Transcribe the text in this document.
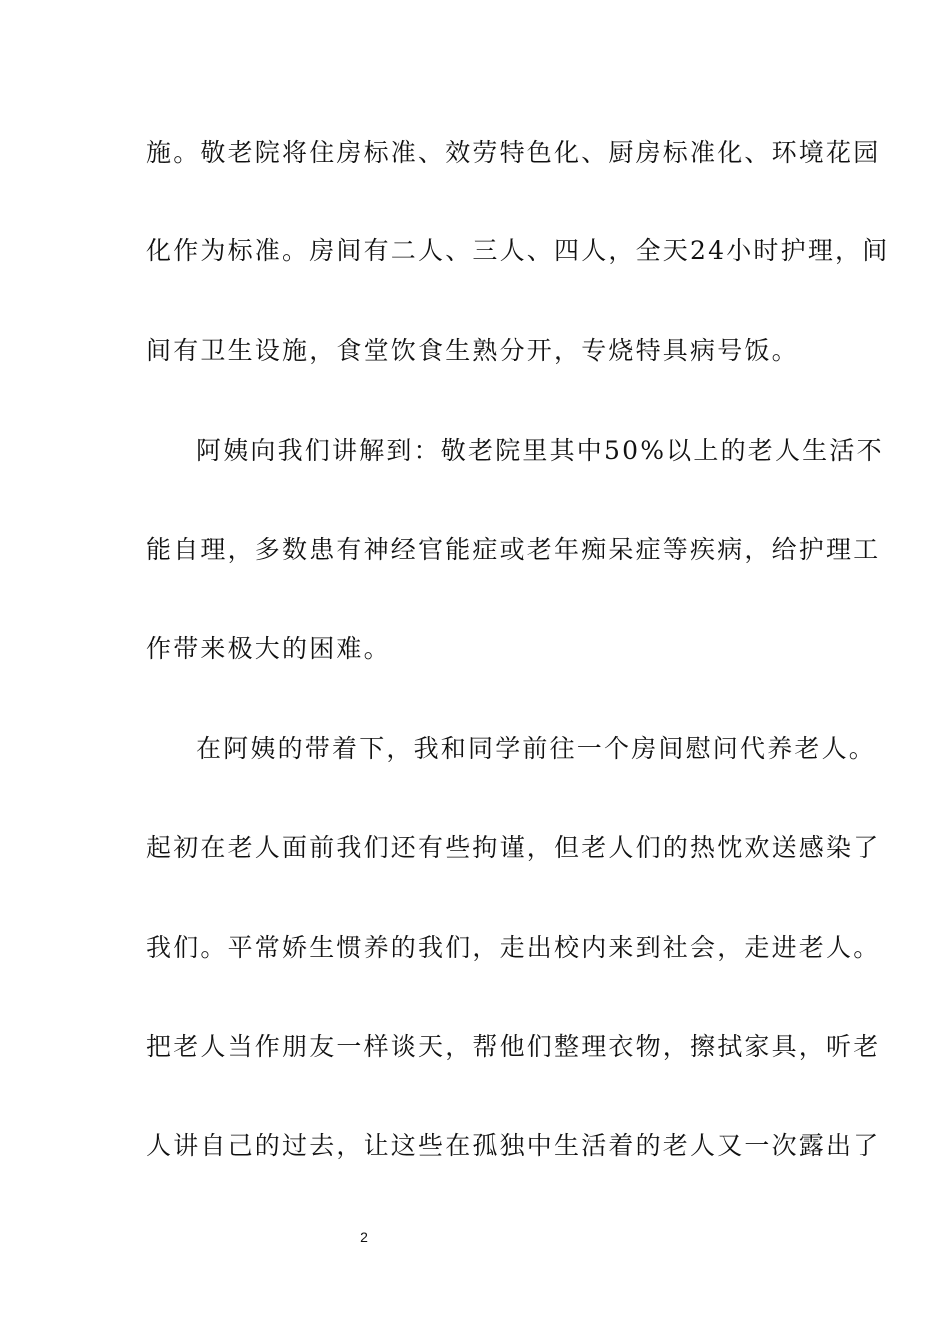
施。敬老院将住房标准、效劳特色化、厨房标准化、环境花园
化作为标准。房间有二人、三人、四人，全天24小时护理，间
间有卫生设施，食堂饮食生熟分开，专烧特具病号饭。
阿姨向我们讲解到：敬老院里其中50%以上的老人生活不
能自理，多数患有神经官能症或老年痴呆症等疾病，给护理工
作带来极大的困难。
在阿姨的带着下，我和同学前往一个房间慰问代养老人。
起初在老人面前我们还有些拘谨，但老人们的热忱欢送感染了
我们。平常娇生惯养的我们，走出校内来到社会，走进老人。
把老人当作朋友一样谈天，帮他们整理衣物，擦拭家具，听老
人讲自己的过去，让这些在孤独中生活着的老人又一次露出了
2
